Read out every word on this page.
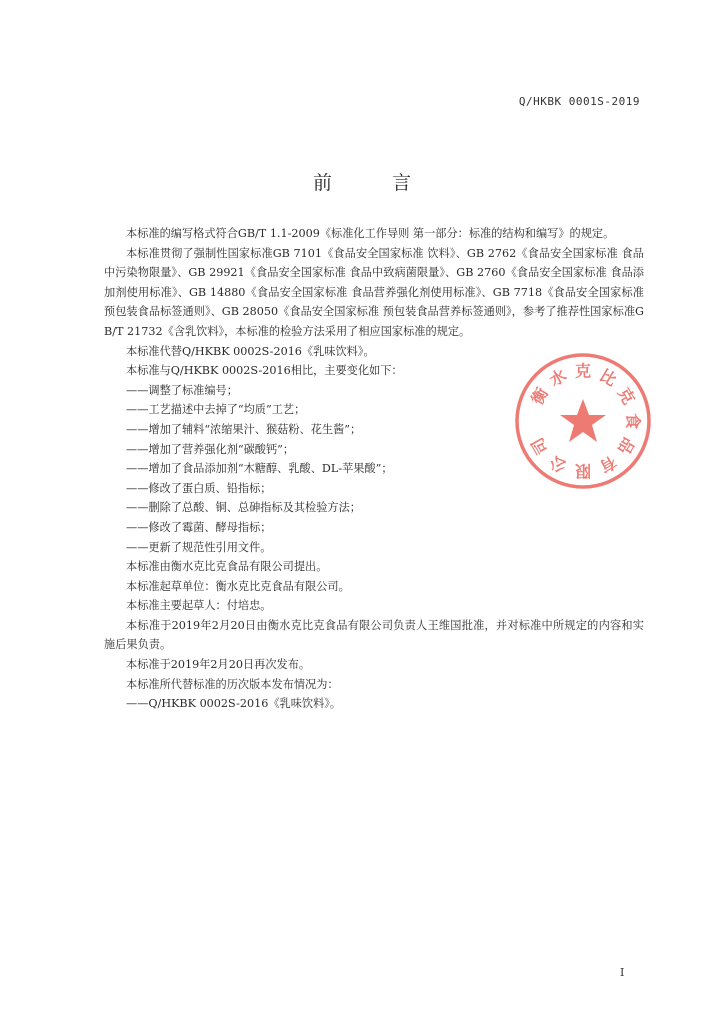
Q/HKBK 0001S-2019
前	言

本标准的编写格式符合GB/T 1.1-2009《标准化工作导则 第一部分：标准的结构和编写》的规定。

本标准贯彻了强制性国家标准GB 7101《食品安全国家标准 饮料》、GB 2762《食品安全国家标准 食品中污染物限量》、GB 29921《食品安全国家标准 食品中致病菌限量》、GB 2760《食品安全国家标准 食品添加剂使用标准》、GB 14880《食品安全国家标准 食品营养强化剂使用标准》、GB 7718《食品安全国家标准 预包装食品标签通则》、GB 28050《食品安全国家标准 预包装食品营养标签通则》，参考了推荐性国家标准GB/T 21732《含乳饮料》，本标准的检验方法采用了相应国家标准的规定。

本标准代替Q/HKBK 0002S-2016《乳味饮料》。

本标准与Q/HKBK 0002S-2016相比，主要变化如下：

——调整了标准编号；

——工艺描述中去掉了“均质”工艺；

——增加了辅料“浓缩果汁、猴菇粉、花生酱”；

——增加了营养强化剂“碳酸钙”；

——增加了食品添加剂“木糖醇、乳酸、DL-苹果酸”；

——修改了蛋白质、铅指标；

——删除了总酸、铜、总砷指标及其检验方法；

——修改了霉菌、酵母指标；

——更新了规范性引用文件。

本标准由衡水克比克食品有限公司提出。

本标准起草单位：衡水克比克食品有限公司。

本标准主要起草人：付培忠。

本标准于2019年2月20日由衡水克比克食品有限公司负责人王维国批准，并对标准中所规定的内容和实施后果负责。

本标准于2019年2月20日再次发布。

本标准所代替标准的历次版本发布情况为：

——Q/HKBK 0002S-2016《乳味饮料》。

衡
水 克 比
克
食
品
有
限
公
司
I
